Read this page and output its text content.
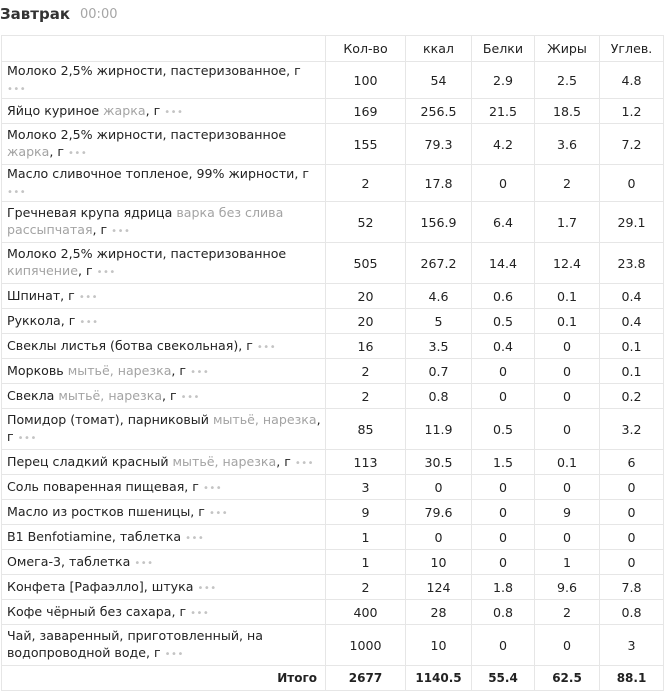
Завтрак 00:00
	Кол-во	ккал	Белки	Жиры	Углев.
Молоко 2,5% жирности, пастеризованное, г •••	100	54	2.9	2.5	4.8
Яйцо куриное жарка, г •••	169	256.5	21.5	18.5	1.2
Молоко 2,5% жирности, пастеризованное жарка, г •••	155	79.3	4.2	3.6	7.2
Масло сливочное топленое, 99% жирности, г •••	2	17.8	0	2	0
Гречневая крупа ядрица варка без слива рассыпчатая, г •••	52	156.9	6.4	1.7	29.1
Молоко 2,5% жирности, пастеризованное кипячение, г •••	505	267.2	14.4	12.4	23.8
Шпинат, г •••	20	4.6	0.6	0.1	0.4
Руккола, г •••	20	5	0.5	0.1	0.4
Свеклы листья (ботва свекольная), г •••	16	3.5	0.4	0	0.1
Морковь мытьё, нарезка, г •••	2	0.7	0	0	0.1
Свекла мытьё, нарезка, г •••	2	0.8	0	0	0.2
Помидор (томат), парниковый мытьё, нарезка, г •••	85	11.9	0.5	0	3.2
Перец сладкий красный мытьё, нарезка, г •••	113	30.5	1.5	0.1	6
Соль поваренная пищевая, г •••	3	0	0	0	0
Масло из ростков пшеницы, г •••	9	79.6	0	9	0
B1 Benfotiamine, таблетка •••	1	0	0	0	0
Омега-3, таблетка •••	1	10	0	1	0
Конфета [Рафаэлло], штука •••	2	124	1.8	9.6	7.8
Кофе чёрный без сахара, г •••	400	28	0.8	2	0.8
Чай, заваренный, приготовленный, на водопроводной воде, г •••	1000	10	0	0	3
Итого	2677	1140.5	55.4	62.5	88.1
